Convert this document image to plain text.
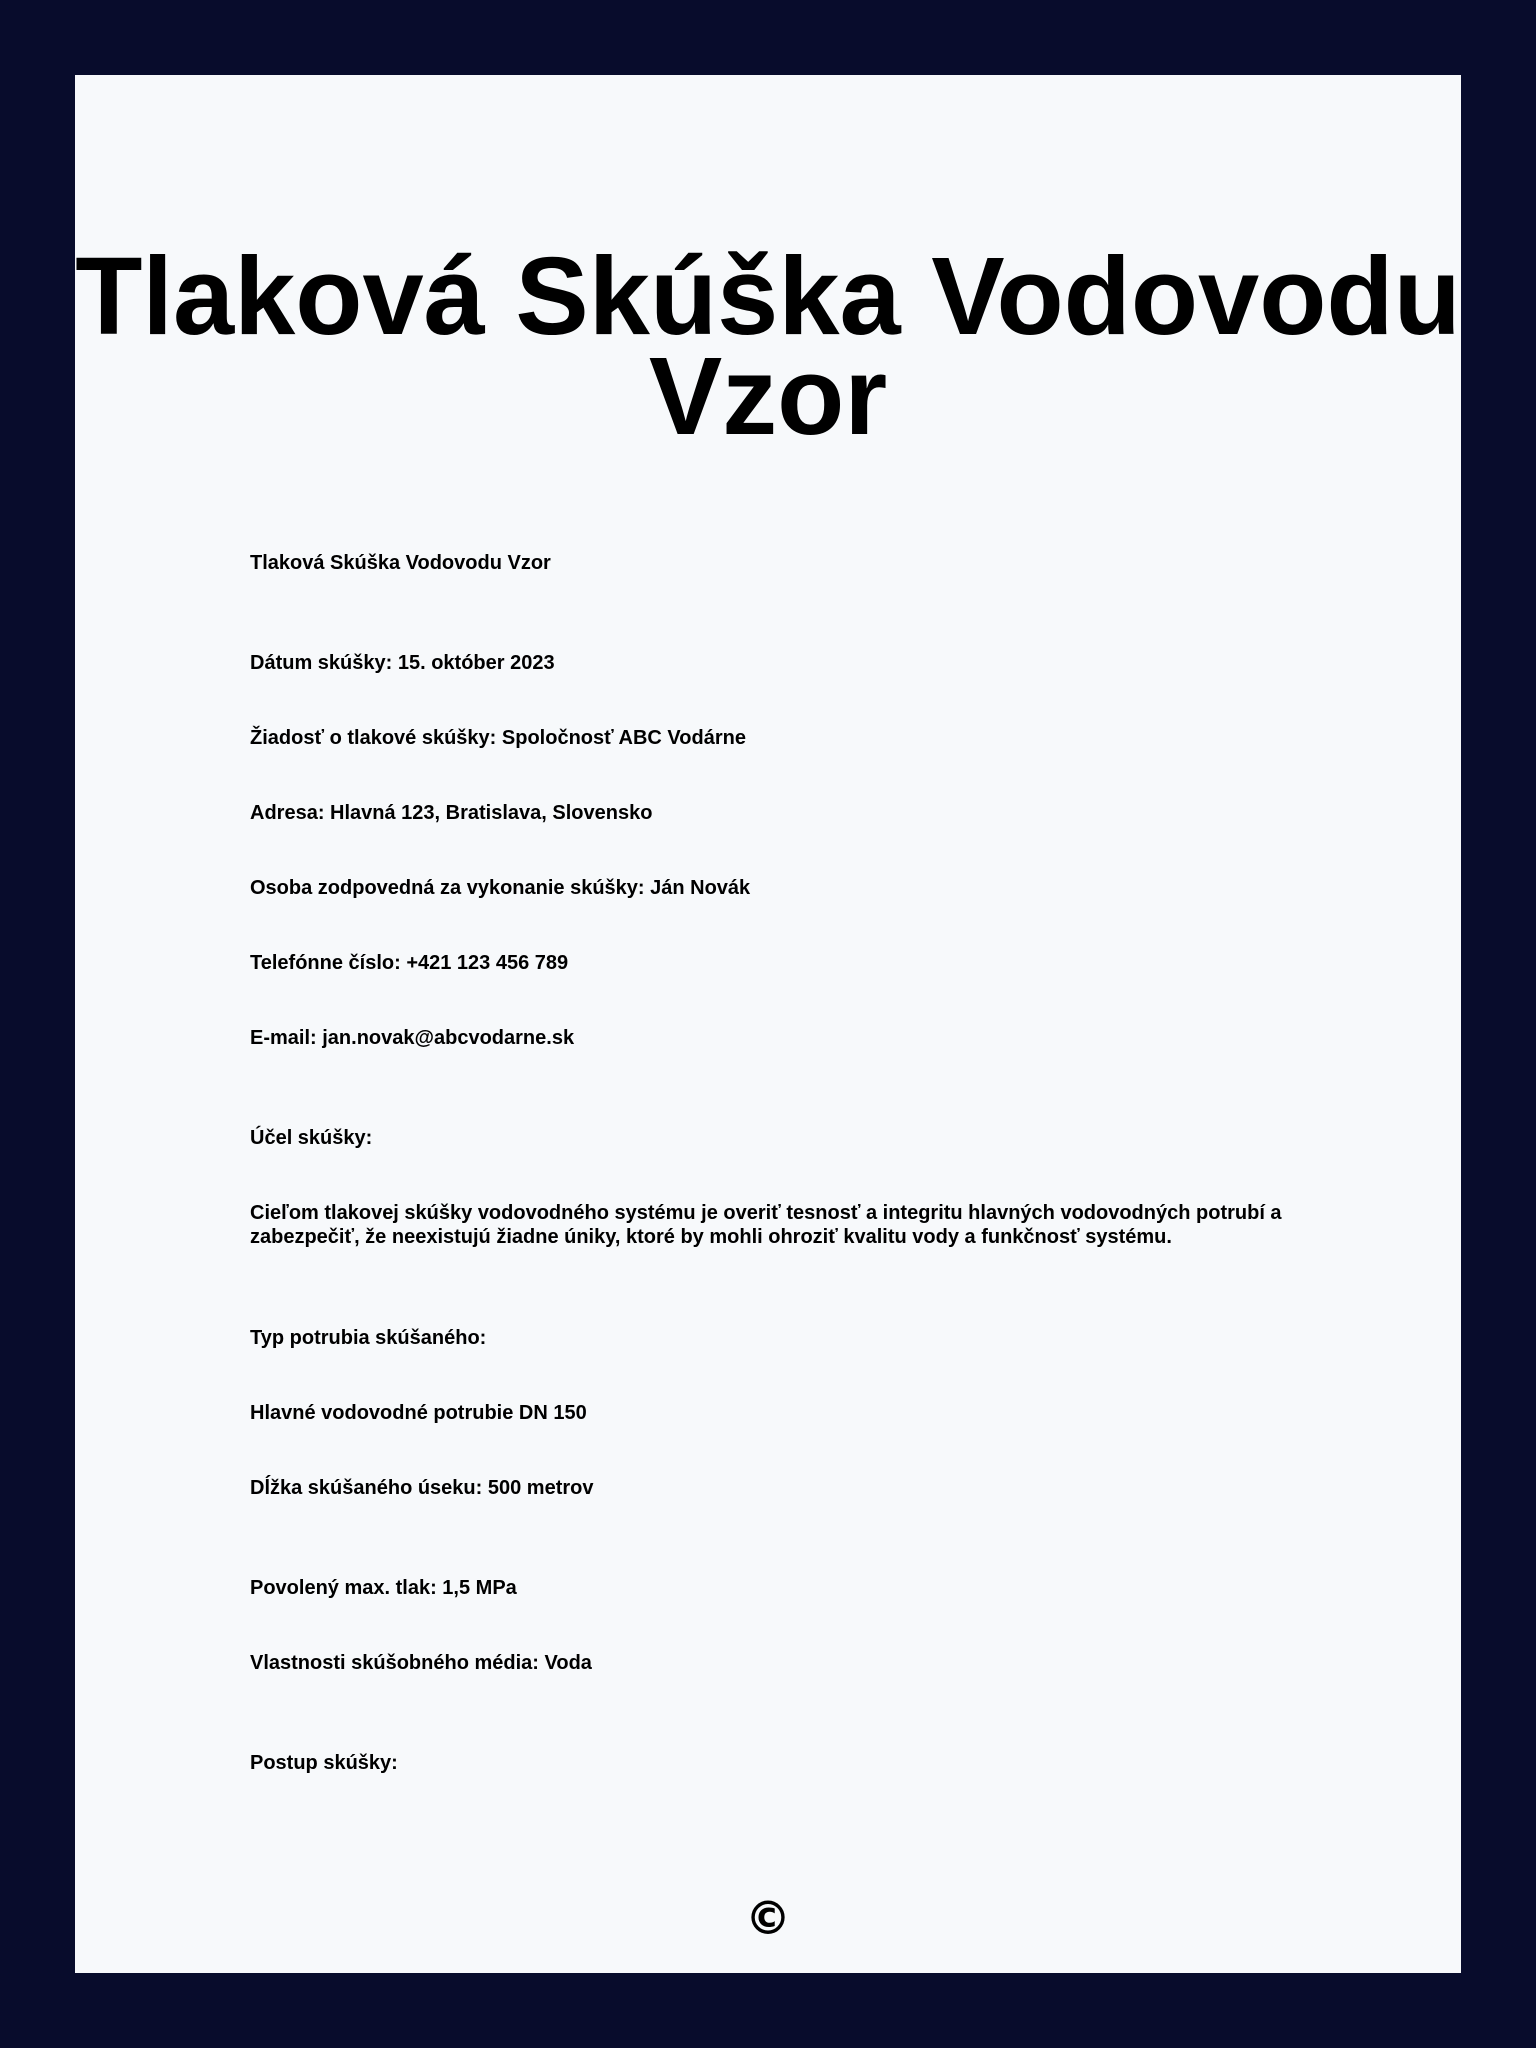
Tlaková Skúška Vodovodu Vzor

Tlaková Skúška Vodovodu Vzor

Dátum skúšky: 15. október 2023

Žiadosť o tlakové skúšky: Spoločnosť ABC Vodárne

Adresa: Hlavná 123, Bratislava, Slovensko

Osoba zodpovedná za vykonanie skúšky: Ján Novák

Telefónne číslo: +421 123 456 789

E-mail: jan.novak@abcvodarne.sk

Účel skúšky:

Cieľom tlakovej skúšky vodovodného systému je overiť tesnosť a integritu hlavných vodovodných potrubí a zabezpečiť, že neexistujú žiadne úniky, ktoré by mohli ohroziť kvalitu vody a funkčnosť systému.

Typ potrubia skúšaného:

Hlavné vodovodné potrubie DN 150

Dĺžka skúšaného úseku: 500 metrov

Povolený max. tlak: 1,5 MPa

Vlastnosti skúšobného média: Voda

Postup skúšky:

©
